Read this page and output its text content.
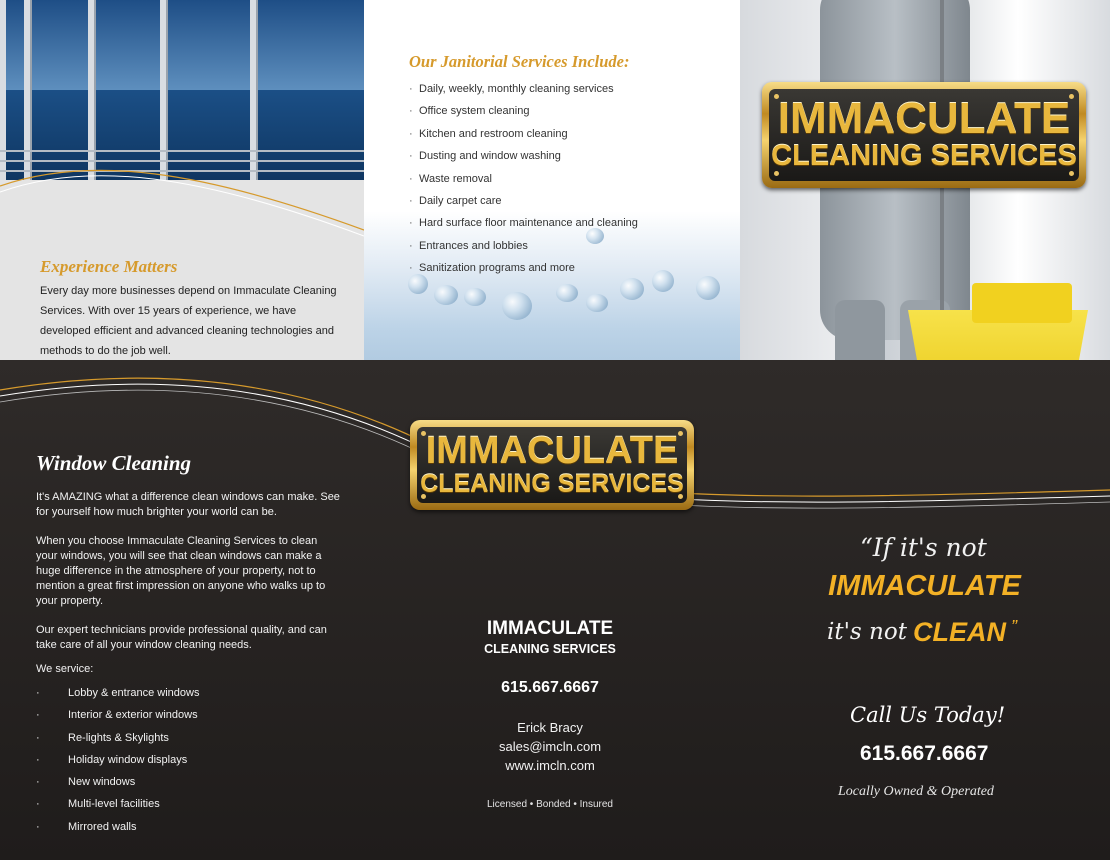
Experience Matters
Every day more businesses depend on Immaculate Cleaning Services. With over 15 years of experience, we have developed efficient and advanced cleaning technologies and methods to do the job well.
Our Janitorial Services Include:
· Daily, weekly, monthly cleaning services
· Office system cleaning
· Kitchen and restroom cleaning
· Dusting and window washing
· Waste removal
· Daily carpet care
· Hard surface floor maintenance and cleaning
· Entrances and lobbies
· Sanitization programs and more
IMMACULATE
CLEANING SERVICES
IMMACULATE
CLEANING SERVICES
Window Cleaning
It's AMAZING what a difference clean windows can make. See for yourself how much brighter your world can be.
When you choose Immaculate Cleaning Services to clean your windows, you will see that clean windows can make a huge difference in the atmosphere of your property, not to mention a great first impression on anyone who walks up to your property.
Our expert technicians provide professional quality, and can take care of all your window cleaning needs.
We service:
·	Lobby & entrance windows
·	Interior & exterior windows
·	Re-lights & Skylights
·	Holiday window displays
·	New windows
·	Multi-level facilities
·	Mirrored walls
IMMACULATE
CLEANING SERVICES
615.667.6667
Erick Bracy
sales@imcln.com
www.imcln.com
Licensed • Bonded • Insured
“If it's not
IMMACULATE
it's not CLEAN ”
Call Us Today!
615.667.6667
Locally Owned & Operated
